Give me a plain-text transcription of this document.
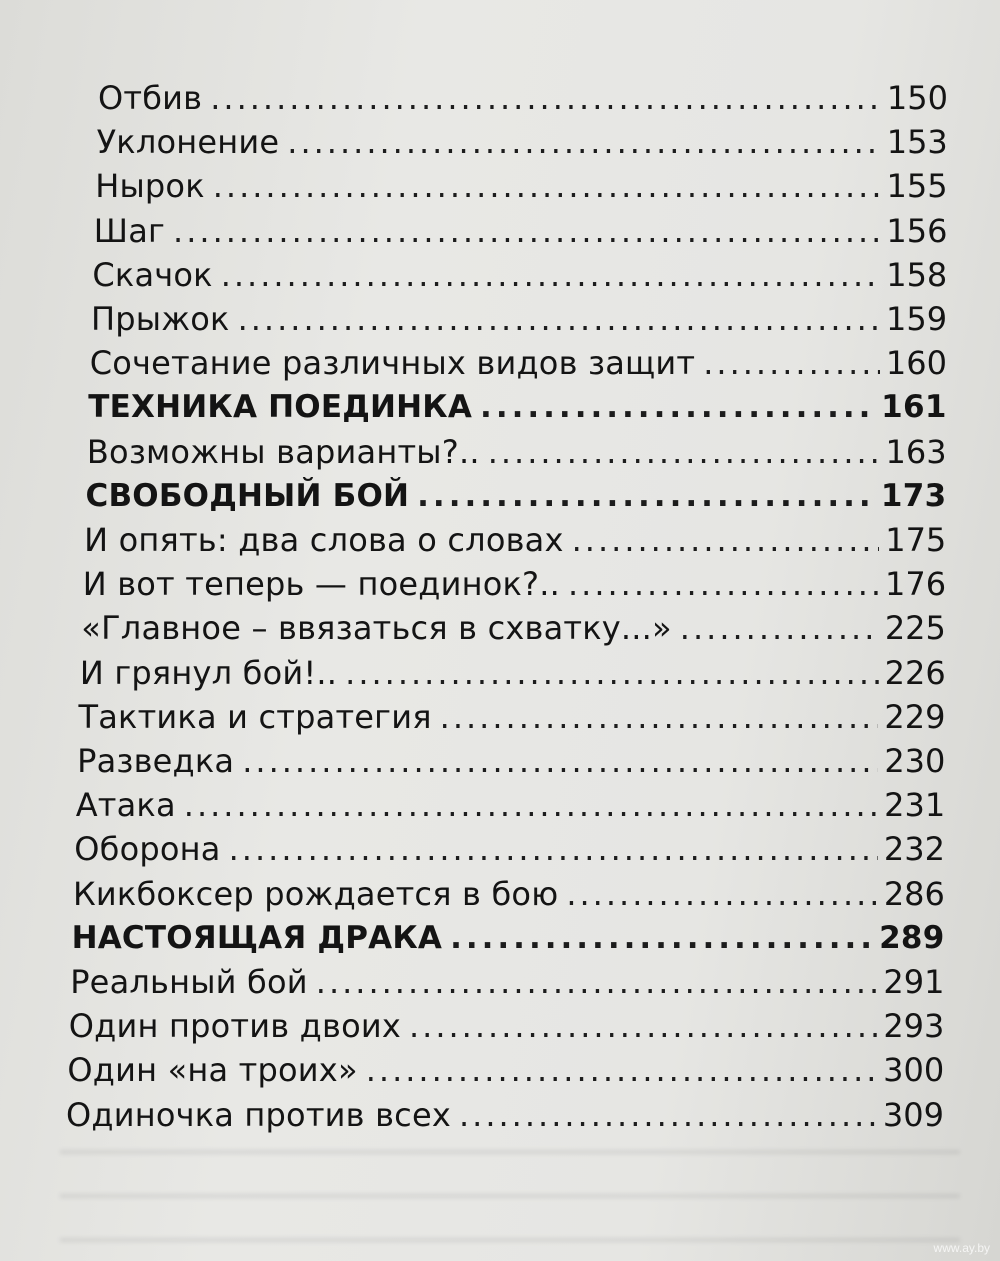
Отбив .....	150
Уклонение .....	153
Нырок .....	155
Шаг .....	156
Скачок .....	158
Прыжок .....	159
Сочетание различных видов защит .....	160
ТЕХНИКА ПОЕДИНКА .....	161
Возможны варианты?.. .....	163
СВОБОДНЫЙ БОЙ .....	173
И опять: два слова о словах .....	175
И вот теперь — поединок?.. .....	176
«Главное – ввязаться в схватку...» .....	225
И грянул бой!.. .....	226
Тактика и стратегия .....	229
Разведка .....	230
Атака .....	231
Оборона .....	232
Кикбоксер рождается в бою .....	286
НАСТОЯЩАЯ ДРАКА .....	289
Реальный бой .....	291
Один против двоих .....	293
Один «на троих» .....	300
Одиночка против всех .....	309
www.ay.by
